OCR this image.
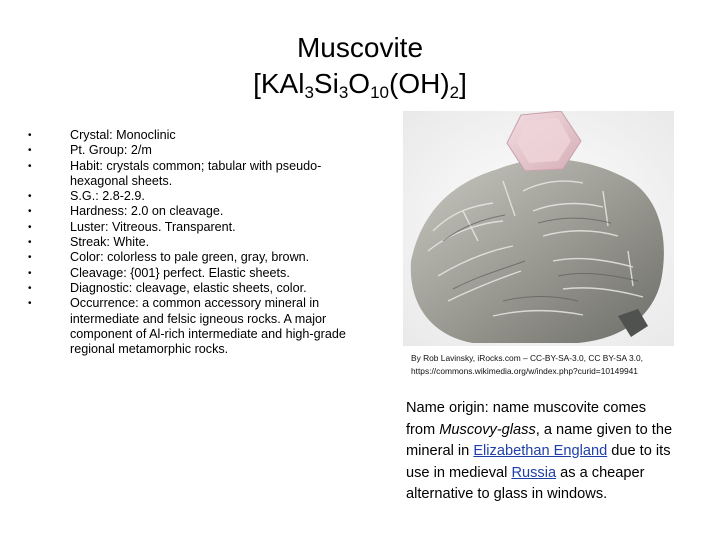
Muscovite
$[KAl_3Si_3O_{10}(OH)_2]$
• Crystal: Monoclinic
• Pt. Group: 2/m
• Habit: crystals common; tabular with pseudo-hexagonal sheets.
• S.G.: 2.8-2.9.
• Hardness: 2.0 on cleavage.
• Luster: Vitreous. Transparent.
• Streak: White.
• Color: colorless to pale green, gray, brown.
• Cleavage: {001} perfect. Elastic sheets.
• Diagnostic: cleavage, elastic sheets, color.
• Occurrence: a common accessory mineral in intermediate and felsic igneous rocks. A major component of Al-rich intermediate and high-grade regional metamorphic rocks.
By Rob Lavinsky, iRocks.com – CC-BY-SA-3.0, CC BY-SA 3.0,
https://commons.wikimedia.org/w/index.php?curid=10149941
Name origin: name muscovite comes from Muscovy-glass, a name given to the mineral in Elizabethan England due to its use in medieval Russia as a cheaper alternative to glass in windows.
